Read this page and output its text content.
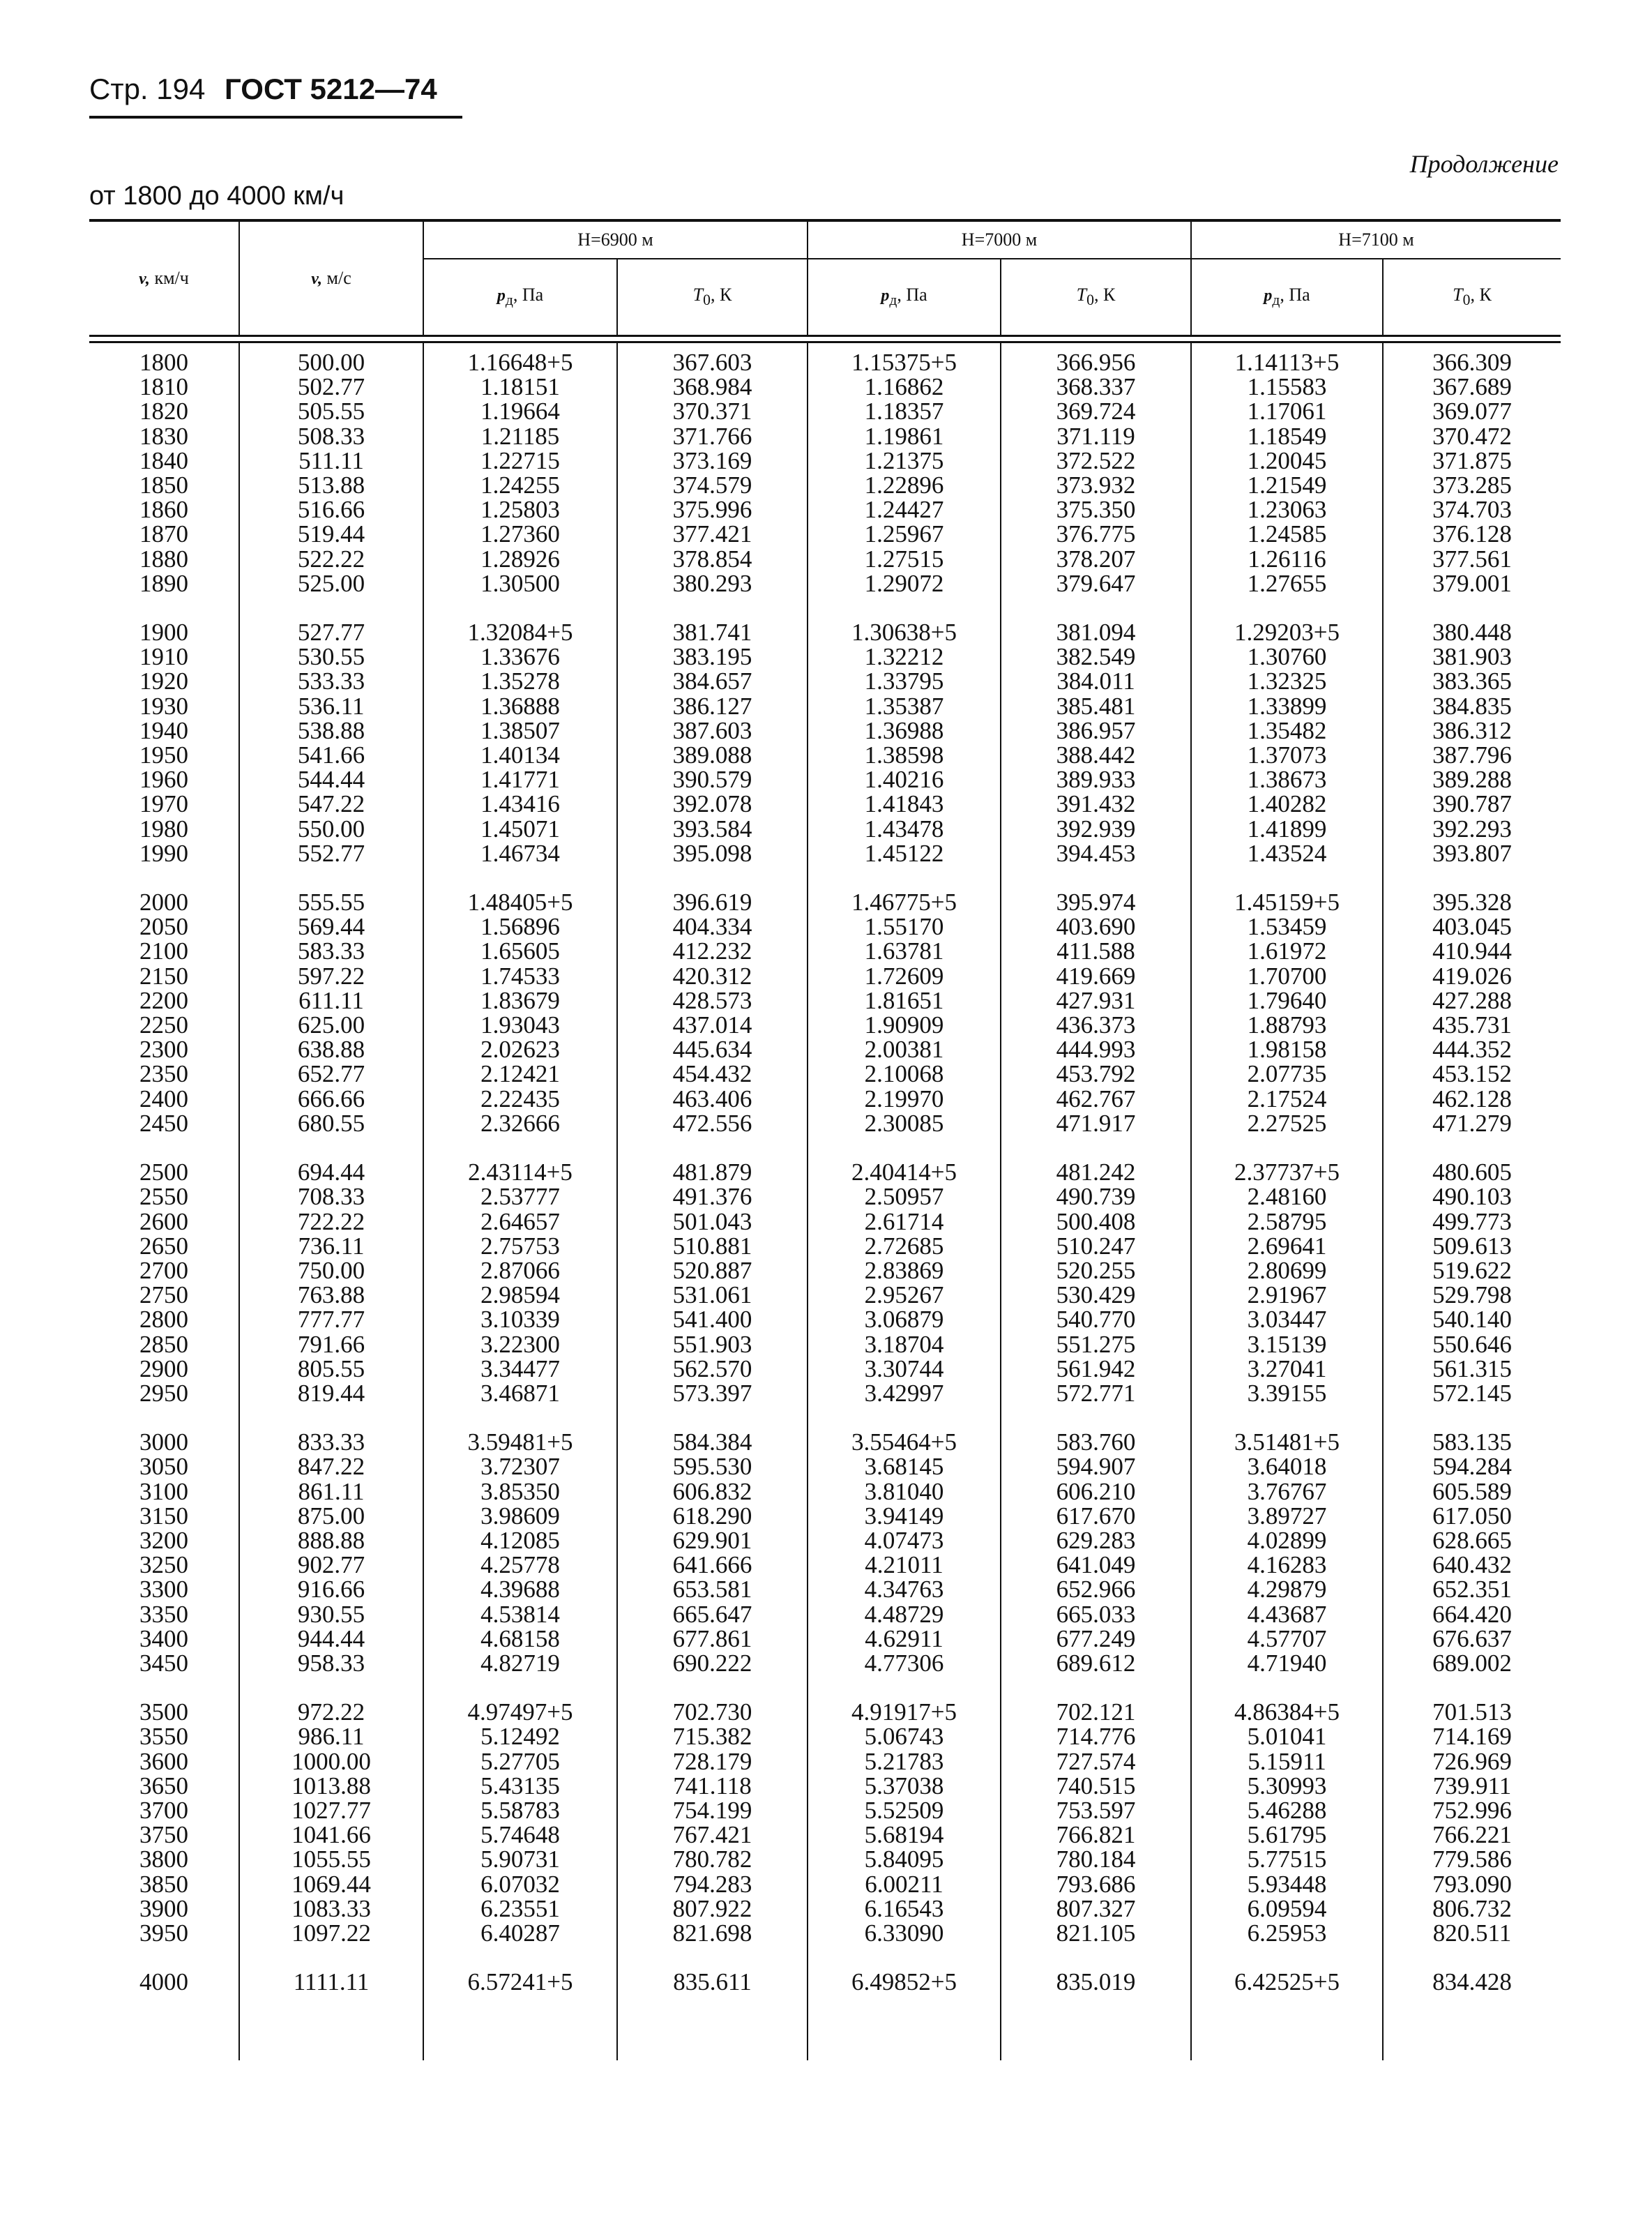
Стр. 194 ГОСТ 5212—74
Продолжение
от 1800 до 4000 км/ч
v, км/ч	v, м/с	H=6900 м		H=7000 м		H=7100 м	
		$p_д$, Па	$T_0$, К	$p_д$, Па	$T_0$, К	$p_д$, Па	$T_0$, К

1800	500.00	1.16648+5	367.603	1.15375+5	366.956	1.14113+5	366.309
1810	502.77	1.18151	368.984	1.16862	368.337	1.15583	367.689
1820	505.55	1.19664	370.371	1.18357	369.724	1.17061	369.077
1830	508.33	1.21185	371.766	1.19861	371.119	1.18549	370.472
1840	511.11	1.22715	373.169	1.21375	372.522	1.20045	371.875
1850	513.88	1.24255	374.579	1.22896	373.932	1.21549	373.285
1860	516.66	1.25803	375.996	1.24427	375.350	1.23063	374.703
1870	519.44	1.27360	377.421	1.25967	376.775	1.24585	376.128
1880	522.22	1.28926	378.854	1.27515	378.207	1.26116	377.561
1890	525.00	1.30500	380.293	1.29072	379.647	1.27655	379.001

1900	527.77	1.32084+5	381.741	1.30638+5	381.094	1.29203+5	380.448
1910	530.55	1.33676	383.195	1.32212	382.549	1.30760	381.903
1920	533.33	1.35278	384.657	1.33795	384.011	1.32325	383.365
1930	536.11	1.36888	386.127	1.35387	385.481	1.33899	384.835
1940	538.88	1.38507	387.603	1.36988	386.957	1.35482	386.312
1950	541.66	1.40134	389.088	1.38598	388.442	1.37073	387.796
1960	544.44	1.41771	390.579	1.40216	389.933	1.38673	389.288
1970	547.22	1.43416	392.078	1.41843	391.432	1.40282	390.787
1980	550.00	1.45071	393.584	1.43478	392.939	1.41899	392.293
1990	552.77	1.46734	395.098	1.45122	394.453	1.43524	393.807

2000	555.55	1.48405+5	396.619	1.46775+5	395.974	1.45159+5	395.328
2050	569.44	1.56896	404.334	1.55170	403.690	1.53459	403.045
2100	583.33	1.65605	412.232	1.63781	411.588	1.61972	410.944
2150	597.22	1.74533	420.312	1.72609	419.669	1.70700	419.026
2200	611.11	1.83679	428.573	1.81651	427.931	1.79640	427.288
2250	625.00	1.93043	437.014	1.90909	436.373	1.88793	435.731
2300	638.88	2.02623	445.634	2.00381	444.993	1.98158	444.352
2350	652.77	2.12421	454.432	2.10068	453.792	2.07735	453.152
2400	666.66	2.22435	463.406	2.19970	462.767	2.17524	462.128
2450	680.55	2.32666	472.556	2.30085	471.917	2.27525	471.279

2500	694.44	2.43114+5	481.879	2.40414+5	481.242	2.37737+5	480.605
2550	708.33	2.53777	491.376	2.50957	490.739	2.48160	490.103
2600	722.22	2.64657	501.043	2.61714	500.408	2.58795	499.773
2650	736.11	2.75753	510.881	2.72685	510.247	2.69641	509.613
2700	750.00	2.87066	520.887	2.83869	520.255	2.80699	519.622
2750	763.88	2.98594	531.061	2.95267	530.429	2.91967	529.798
2800	777.77	3.10339	541.400	3.06879	540.770	3.03447	540.140
2850	791.66	3.22300	551.903	3.18704	551.275	3.15139	550.646
2900	805.55	3.34477	562.570	3.30744	561.942	3.27041	561.315
2950	819.44	3.46871	573.397	3.42997	572.771	3.39155	572.145

3000	833.33	3.59481+5	584.384	3.55464+5	583.760	3.51481+5	583.135
3050	847.22	3.72307	595.530	3.68145	594.907	3.64018	594.284
3100	861.11	3.85350	606.832	3.81040	606.210	3.76767	605.589
3150	875.00	3.98609	618.290	3.94149	617.670	3.89727	617.050
3200	888.88	4.12085	629.901	4.07473	629.283	4.02899	628.665
3250	902.77	4.25778	641.666	4.21011	641.049	4.16283	640.432
3300	916.66	4.39688	653.581	4.34763	652.966	4.29879	652.351
3350	930.55	4.53814	665.647	4.48729	665.033	4.43687	664.420
3400	944.44	4.68158	677.861	4.62911	677.249	4.57707	676.637
3450	958.33	4.82719	690.222	4.77306	689.612	4.71940	689.002

3500	972.22	4.97497+5	702.730	4.91917+5	702.121	4.86384+5	701.513
3550	986.11	5.12492	715.382	5.06743	714.776	5.01041	714.169
3600	1000.00	5.27705	728.179	5.21783	727.574	5.15911	726.969
3650	1013.88	5.43135	741.118	5.37038	740.515	5.30993	739.911
3700	1027.77	5.58783	754.199	5.52509	753.597	5.46288	752.996
3750	1041.66	5.74648	767.421	5.68194	766.821	5.61795	766.221
3800	1055.55	5.90731	780.782	5.84095	780.184	5.77515	779.586
3850	1069.44	6.07032	794.283	6.00211	793.686	5.93448	793.090
3900	1083.33	6.23551	807.922	6.16543	807.327	6.09594	806.732
3950	1097.22	6.40287	821.698	6.33090	821.105	6.25953	820.511

4000	1111.11	6.57241+5	835.611	6.49852+5	835.019	6.42525+5	834.428
